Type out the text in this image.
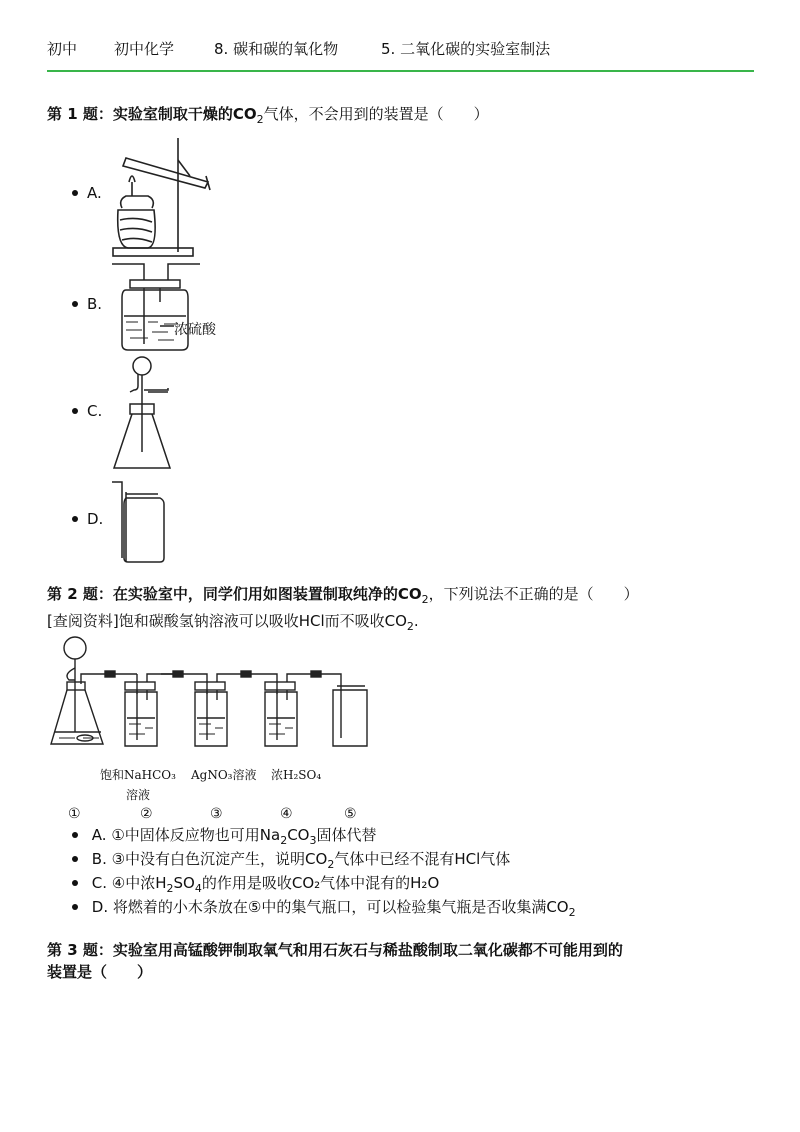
初中 初中化学	8. 碳和碳的氧化物	5. 二氧化碳的实验室制法
第 1 题：实验室制取干燥的$CO_2$气体，不会用到的装置是（　　）
A.
B.
C.
D.
浓硫酸
第 2 题：在实验室中，同学们用如图装置制取纯净的$CO_2$，下列说法不正确的是（　　）
[查阅资料]饱和碳酸氢钠溶液可以吸收HCl而不吸收$CO_2$.
饱和NaHCO₃
溶液
AgNO₃溶液 浓H₂SO₄
①	②	③	④	⑤
A. ①中固体反应物也可用$Na_2CO_3$固体代替
B. ③中没有白色沉淀产生，说明$CO_2$气体中已经不混有HCl气体
C. ④中浓$H_2SO_4$的作用是吸收CO₂气体中混有的H₂O
D. 将燃着的小木条放在⑤中的集气瓶口，可以检验集气瓶是否收集满$CO_2$
第 3 题：实验室用高锰酸钾制取氧气和用石灰石与稀盐酸制取二氧化碳都不可能用到的
装置是（　　）
